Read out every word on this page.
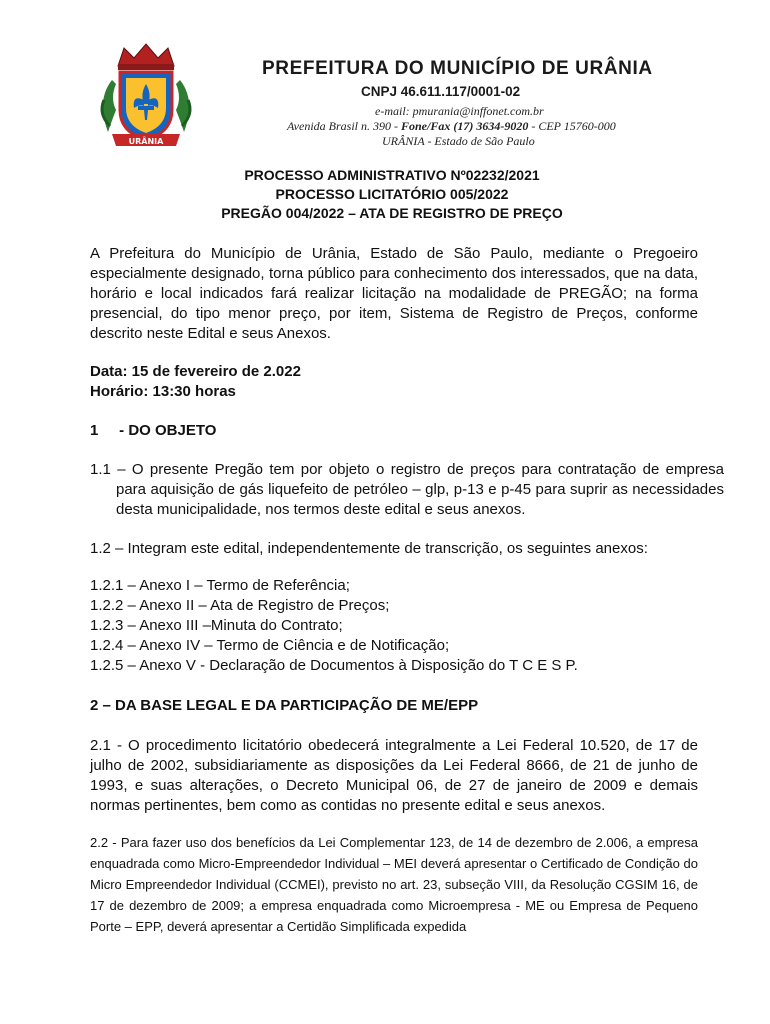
URÂNIA
PREFEITURA DO MUNICÍPIO DE URÂNIA
CNPJ 46.611.117/0001-02
e-mail: pmurania@inffonet.com.br
Avenida Brasil n. 390 - Fone/Fax (17) 3634-9020 - CEP 15760-000
URÂNIA - Estado de São Paulo
PROCESSO ADMINISTRATIVO Nº02232/2021
PROCESSO LICITATÓRIO 005/2022
PREGÃO 004/2022 – ATA DE REGISTRO DE PREÇO
A Prefeitura do Município de Urânia, Estado de São Paulo, mediante o Pregoeiro especialmente designado, torna público para conhecimento dos interessados, que na data, horário e local indicados fará realizar licitação na modalidade de PREGÃO; na forma presencial, do tipo menor preço, por item, Sistema de Registro de Preços, conforme descrito neste Edital e seus Anexos.
Data: 15 de fevereiro de 2.022
Horário: 13:30 horas
1     - DO OBJETO
1.1 – O presente Pregão tem por objeto o registro de preços para contratação de empresa para aquisição de gás liquefeito de petróleo – glp, p-13 e p-45 para suprir as necessidades desta municipalidade, nos termos deste edital e seus anexos.
1.2 – Integram este edital, independentemente de transcrição, os seguintes anexos:
1.2.1 – Anexo I – Termo de Referência;
1.2.2 – Anexo II – Ata de Registro de Preços;
1.2.3 – Anexo III –Minuta do Contrato;
1.2.4 – Anexo IV – Termo de Ciência e de Notificação;
1.2.5 – Anexo V - Declaração de Documentos à Disposição do T C E S P.
2 – DA BASE LEGAL E DA PARTICIPAÇÃO DE ME/EPP
2.1 - O procedimento licitatório obedecerá integralmente a Lei Federal 10.520, de 17 de julho de 2002, subsidiariamente as disposições da Lei Federal 8666, de 21 de junho de 1993, e suas alterações, o Decreto Municipal 06, de 27 de janeiro de 2009 e demais normas pertinentes, bem como as contidas no presente edital e seus anexos.
2.2 - Para fazer uso dos benefícios da Lei Complementar 123, de 14 de dezembro de 2.006, a empresa enquadrada como Micro-Empreendedor Individual – MEI deverá apresentar o Certificado de Condição do Micro Empreendedor Individual (CCMEI), previsto no art. 23, subseção VIII, da Resolução CGSIM 16, de 17 de dezembro de 2009; a empresa enquadrada como Microempresa - ME ou Empresa de Pequeno Porte – EPP, deverá apresentar a Certidão Simplificada expedida
